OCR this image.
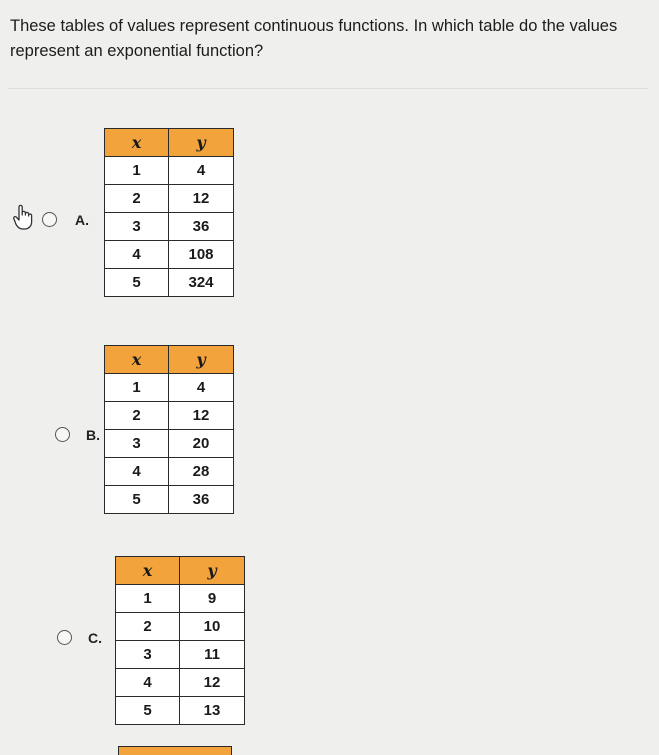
These tables of values represent continuous functions. In which table do the values represent an exponential function?
A.
x	y
1	4
2	12
3	36
4	108
5	324
B.
x	y
1	4
2	12
3	20
4	28
5	36
C.
x	y
1	9
2	10
3	11
4	12
5	13
